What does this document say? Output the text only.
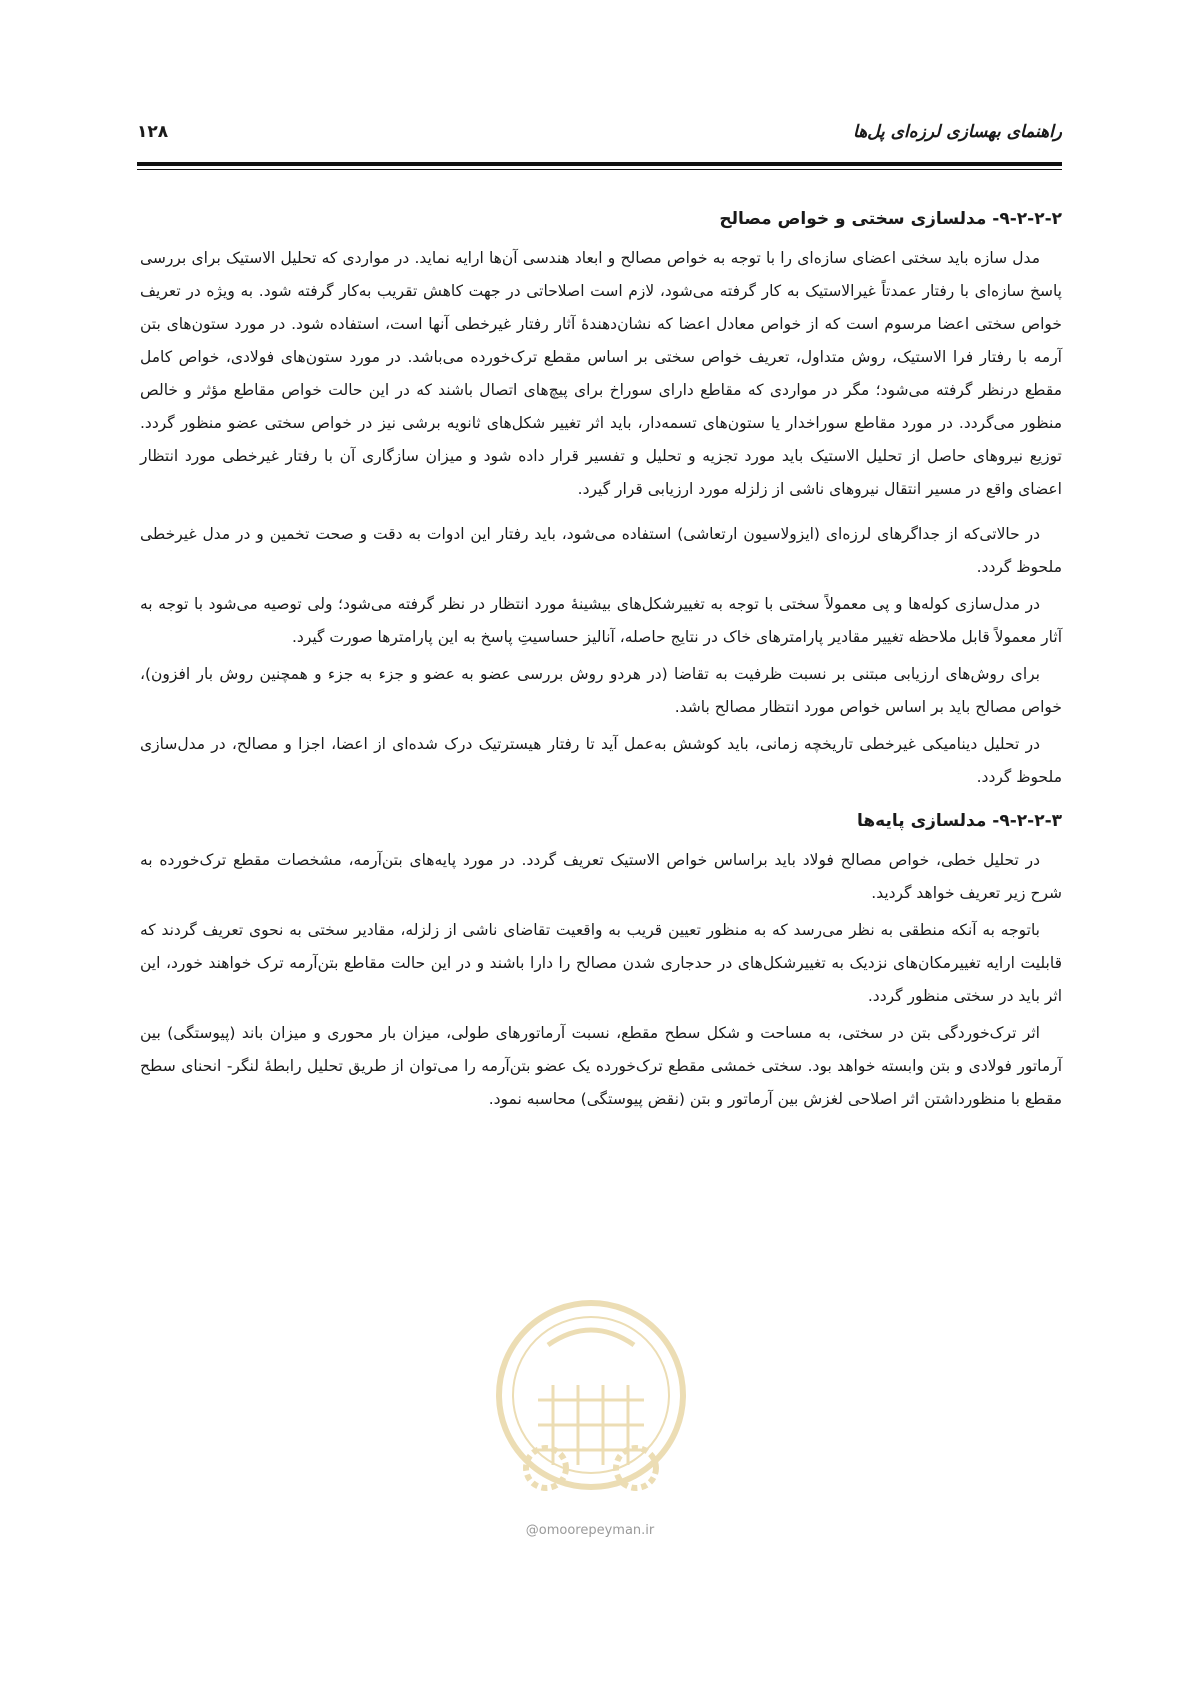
راهنمای بهسازی لرزه‌ای پل‌ها
۱۲۸
۹-۲-۲-۲- مدلسازی سختی و خواص مصالح

مدل سازه باید سختی اعضای سازه‌ای را با توجه به خواص مصالح و ابعاد هندسی آن‌ها ارایه نماید. در مواردی که تحلیل الاستیک برای بررسی پاسخ سازه‌ای با رفتار عمدتاً غیرالاستیک به کار گرفته می‌شود، لازم است اصلاحاتی در جهت کاهش تقریب به‌کار گرفته شود. به ویژه در تعریف خواص سختی اعضا مرسوم است که از خواص معادل اعضا که نشان‌دهندهٔ آثار رفتار غیرخطی آنها است، استفاده شود. در مورد ستون‌های بتن آرمه با رفتار فرا الاستیک، روش متداول، تعریف خواص سختی بر اساس مقطع ترک‌خورده می‌باشد. در مورد ستون‌های فولادی، خواص کامل مقطع درنظر گرفته می‌شود؛ مگر در مواردی که مقاطع دارای سوراخ برای پیچ‌های اتصال باشند که در این حالت خواص مقاطع مؤثر و خالص منظور می‌گردد. در مورد مقاطع سوراخدار یا ستون‌های تسمه‌دار، باید اثر تغییر شکل‌های ثانویه برشی نیز در خواص سختی عضو منظور گردد. توزیع نیروهای حاصل از تحلیل الاستیک باید مورد تجزیه و تحلیل و تفسیر قرار داده شود و میزان سازگاری آن با رفتار غیرخطی مورد انتظار اعضای واقع در مسیر انتقال نیروهای ناشی از زلزله مورد ارزیابی قرار گیرد.

در حالاتی‌که از جداگرهای لرزه‌ای (ایزولاسیون ارتعاشی) استفاده می‌شود، باید رفتار این ادوات به دقت و صحت تخمین و در مدل غیرخطی ملحوظ گردد.

در مدل‌سازی کوله‌ها و پی معمولاً سختی با توجه به تغییرشکل‌های بیشینهٔ مورد انتظار در نظر گرفته می‌شود؛ ولی توصیه می‌شود با توجه به آثار معمولاً قابل ملاحظه تغییر مقادیر پارامترهای خاک در نتایج حاصله، آنالیز حساسیتِ پاسخ به این پارامترها صورت گیرد.

برای روش‌های ارزیابی مبتنی بر نسبت ظرفیت به تقاضا (در هردو روش بررسی عضو به عضو و جزء به جزء و همچنین روش بار افزون)، خواص مصالح باید بر اساس خواص مورد انتظار مصالح باشد.

در تحلیل دینامیکی غیرخطی تاریخچه زمانی، باید کوشش به‌عمل آید تا رفتار هیسترتیک درک شده‌ای از اعضا، اجزا و مصالح، در مدل‌سازی ملحوظ گردد.

۹-۲-۲-۳- مدلسازی پایه‌ها

در تحلیل خطی، خواص مصالح فولاد باید براساس خواص الاستیک تعریف گردد. در مورد پایه‌های بتن‌آرمه، مشخصات مقطع ترک‌خورده به شرح زیر تعریف خواهد گردید.

باتوجه به آنکه منطقی به نظر می‌رسد که به منظور تعیین قریب به واقعیت تقاضای ناشی از زلزله، مقادیر سختی به نحوی تعریف گردند که قابلیت ارایه تغییرمکان‌های نزدیک به تغییرشکل‌های در حدجاری شدن مصالح را دارا باشند و در این حالت مقاطع بتن‌آرمه ترک خواهند خورد، این اثر باید در سختی منظور گردد.

اثر ترک‌خوردگی بتن در سختی، به مساحت و شکل سطح مقطع، نسبت آرماتورهای طولی، میزان بار محوری و میزان باند (پیوستگی) بین آرماتور فولادی و بتن وابسته خواهد بود. سختی خمشی مقطع ترک‌خورده یک عضو بتن‌آرمه را می‌توان از طریق تحلیل رابطهٔ لنگر- انحنای سطح مقطع با منظورداشتن اثر اصلاحی لغزش بین آرماتور و بتن (نقض پیوستگی) محاسبه نمود.

@omoorepeyman.ir
